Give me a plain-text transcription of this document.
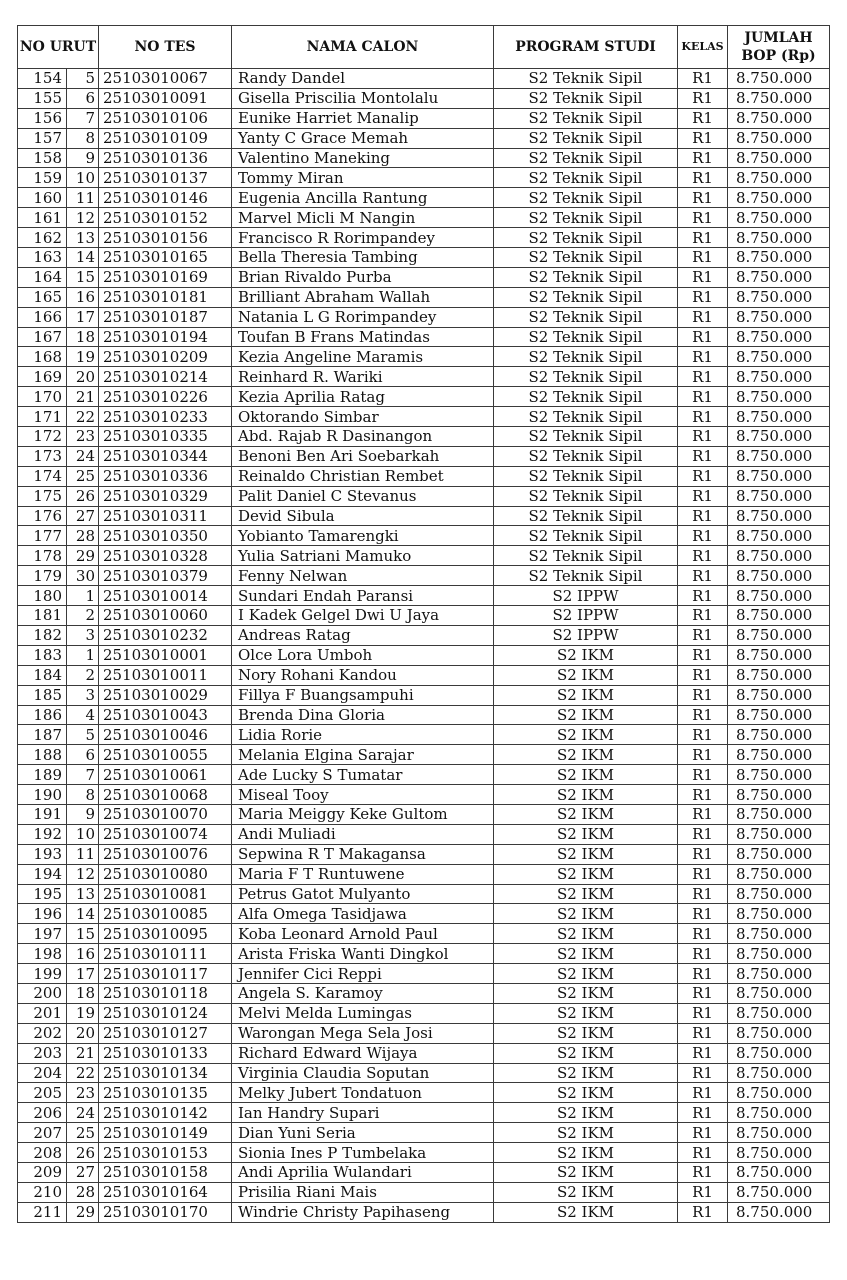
NO URUT		NO TES	NAMA CALON	PROGRAM STUDI	KELAS	JUMLAH
BOP (Rp)

154	5	25103010067	Randy Dandel	S2 Teknik Sipil	R1	8.750.000
155	6	25103010091	Gisella Priscilia Montolalu	S2 Teknik Sipil	R1	8.750.000
156	7	25103010106	Eunike Harriet Manalip	S2 Teknik Sipil	R1	8.750.000
157	8	25103010109	Yanty C Grace Memah	S2 Teknik Sipil	R1	8.750.000
158	9	25103010136	Valentino Maneking	S2 Teknik Sipil	R1	8.750.000
159	10	25103010137	Tommy Miran	S2 Teknik Sipil	R1	8.750.000
160	11	25103010146	Eugenia Ancilla Rantung	S2 Teknik Sipil	R1	8.750.000
161	12	25103010152	Marvel Micli M Nangin	S2 Teknik Sipil	R1	8.750.000
162	13	25103010156	Francisco R Rorimpandey	S2 Teknik Sipil	R1	8.750.000
163	14	25103010165	Bella Theresia Tambing	S2 Teknik Sipil	R1	8.750.000
164	15	25103010169	Brian Rivaldo Purba	S2 Teknik Sipil	R1	8.750.000
165	16	25103010181	Brilliant Abraham Wallah	S2 Teknik Sipil	R1	8.750.000
166	17	25103010187	Natania L G Rorimpandey	S2 Teknik Sipil	R1	8.750.000
167	18	25103010194	Toufan B Frans Matindas	S2 Teknik Sipil	R1	8.750.000
168	19	25103010209	Kezia Angeline Maramis	S2 Teknik Sipil	R1	8.750.000
169	20	25103010214	Reinhard R. Wariki	S2 Teknik Sipil	R1	8.750.000
170	21	25103010226	Kezia Aprilia Ratag	S2 Teknik Sipil	R1	8.750.000
171	22	25103010233	Oktorando Simbar	S2 Teknik Sipil	R1	8.750.000
172	23	25103010335	Abd. Rajab R Dasinangon	S2 Teknik Sipil	R1	8.750.000
173	24	25103010344	Benoni Ben Ari Soebarkah	S2 Teknik Sipil	R1	8.750.000
174	25	25103010336	Reinaldo Christian Rembet	S2 Teknik Sipil	R1	8.750.000
175	26	25103010329	Palit Daniel C Stevanus	S2 Teknik Sipil	R1	8.750.000
176	27	25103010311	Devid Sibula	S2 Teknik Sipil	R1	8.750.000
177	28	25103010350	Yobianto Tamarengki	S2 Teknik Sipil	R1	8.750.000
178	29	25103010328	Yulia Satriani Mamuko	S2 Teknik Sipil	R1	8.750.000
179	30	25103010379	Fenny Nelwan	S2 Teknik Sipil	R1	8.750.000
180	1	25103010014	Sundari Endah Paransi	S2 IPPW	R1	8.750.000
181	2	25103010060	I Kadek Gelgel Dwi U Jaya	S2 IPPW	R1	8.750.000
182	3	25103010232	Andreas Ratag	S2 IPPW	R1	8.750.000
183	1	25103010001	Olce Lora Umboh	S2 IKM	R1	8.750.000
184	2	25103010011	Nory Rohani Kandou	S2 IKM	R1	8.750.000
185	3	25103010029	Fillya F Buangsampuhi	S2 IKM	R1	8.750.000
186	4	25103010043	Brenda Dina Gloria	S2 IKM	R1	8.750.000
187	5	25103010046	Lidia Rorie	S2 IKM	R1	8.750.000
188	6	25103010055	Melania Elgina Sarajar	S2 IKM	R1	8.750.000
189	7	25103010061	Ade Lucky S Tumatar	S2 IKM	R1	8.750.000
190	8	25103010068	Miseal Tooy	S2 IKM	R1	8.750.000
191	9	25103010070	Maria Meiggy Keke Gultom	S2 IKM	R1	8.750.000
192	10	25103010074	Andi Muliadi	S2 IKM	R1	8.750.000
193	11	25103010076	Sepwina R T Makagansa	S2 IKM	R1	8.750.000
194	12	25103010080	Maria F T Runtuwene	S2 IKM	R1	8.750.000
195	13	25103010081	Petrus Gatot Mulyanto	S2 IKM	R1	8.750.000
196	14	25103010085	Alfa Omega Tasidjawa	S2 IKM	R1	8.750.000
197	15	25103010095	Koba Leonard Arnold Paul	S2 IKM	R1	8.750.000
198	16	25103010111	Arista Friska Wanti Dingkol	S2 IKM	R1	8.750.000
199	17	25103010117	Jennifer Cici Reppi	S2 IKM	R1	8.750.000
200	18	25103010118	Angela S. Karamoy	S2 IKM	R1	8.750.000
201	19	25103010124	Melvi Melda Lumingas	S2 IKM	R1	8.750.000
202	20	25103010127	Warongan Mega Sela Josi	S2 IKM	R1	8.750.000
203	21	25103010133	Richard Edward Wijaya	S2 IKM	R1	8.750.000
204	22	25103010134	Virginia Claudia Soputan	S2 IKM	R1	8.750.000
205	23	25103010135	Melky Jubert Tondatuon	S2 IKM	R1	8.750.000
206	24	25103010142	Ian Handry Supari	S2 IKM	R1	8.750.000
207	25	25103010149	Dian Yuni Seria	S2 IKM	R1	8.750.000
208	26	25103010153	Sionia Ines P Tumbelaka	S2 IKM	R1	8.750.000
209	27	25103010158	Andi Aprilia Wulandari	S2 IKM	R1	8.750.000
210	28	25103010164	Prisilia Riani Mais	S2 IKM	R1	8.750.000
211	29	25103010170	Windrie Christy Papihaseng	S2 IKM	R1	8.750.000
